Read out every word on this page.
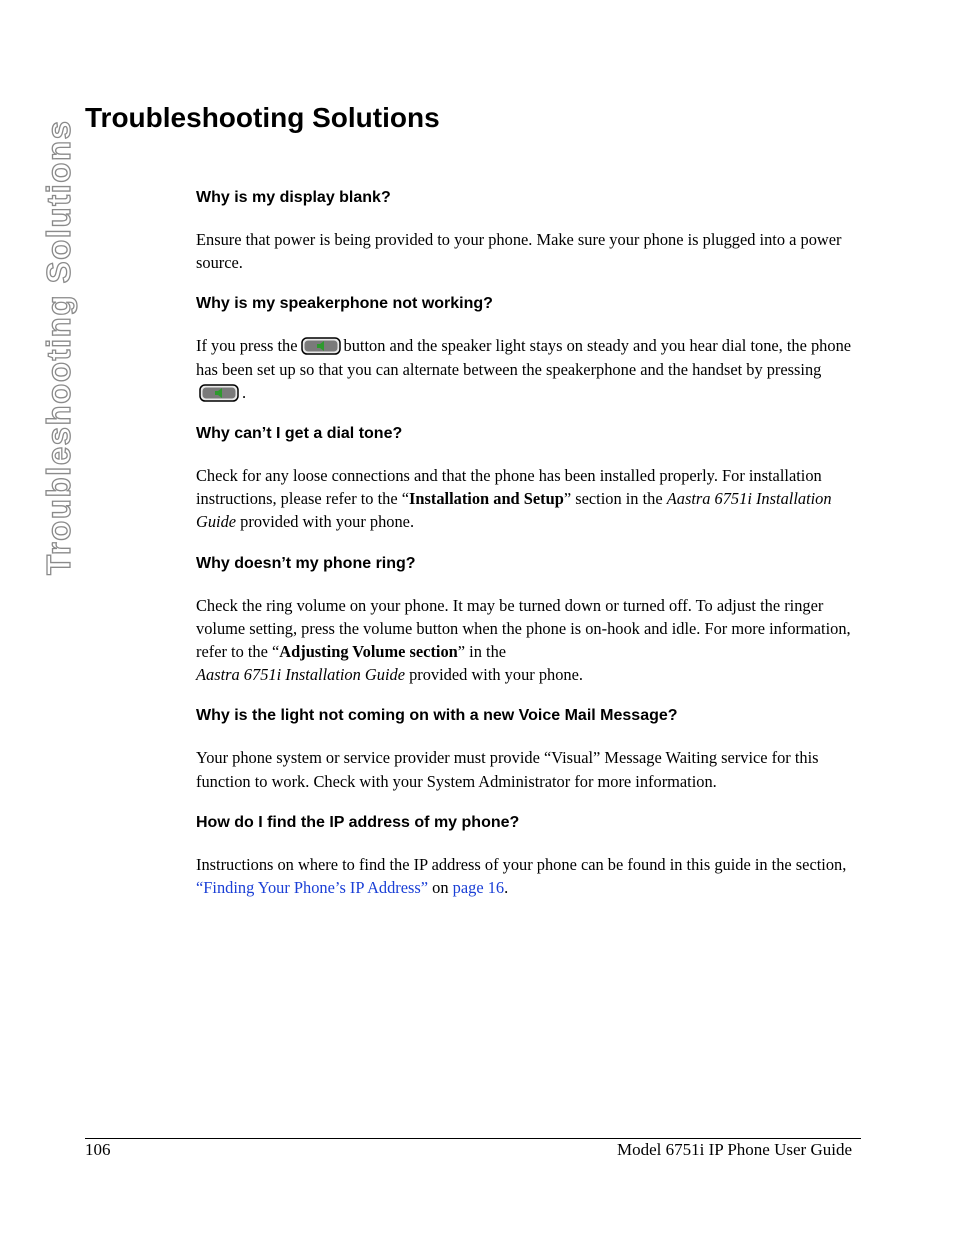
Troubleshooting Solutions
Troubleshooting Solutions
Why is my display blank?

Ensure that power is being provided to your phone. Make sure your phone is plugged into a power source.

Why is my speakerphone not working?

If you press the	button and the speaker light stays on steady and you hear dial tone, the phone has been set up so that you can alternate between the speakerphone and the handset by pressing.

Why can’t I get a dial tone?

Check for any loose connections and that the phone has been installed properly. For installation instructions, please refer to the “Installation and Setup” section in the Aastra 6751i Installation Guide provided with your phone.

Why doesn’t my phone ring?

Check the ring volume on your phone. It may be turned down or turned off. To adjust the ringer volume setting, press the volume button when the phone is on-hook and idle. For more information, refer to the “Adjusting Volume section” in the
Aastra 6751i Installation Guide provided with your phone.

Why is the light not coming on with a new Voice Mail Message?

Your phone system or service provider must provide “Visual” Message Waiting service for this function to work. Check with your System Administrator for more information.

How do I find the IP address of my phone?

Instructions on where to find the IP address of your phone can be found in this guide in the section, “Finding Your Phone’s IP Address” on page 16.

106	Model 6751i IP Phone User Guide
